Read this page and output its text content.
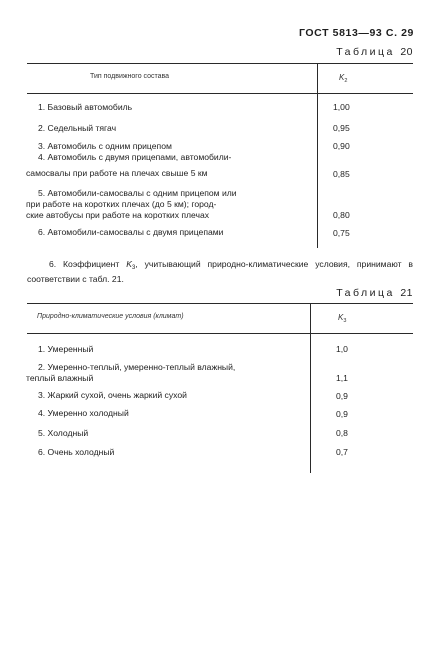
ГОСТ 5813—93 С. 29
Таблица 20
Тип подвижного состава	$K_2$
1. Базовый автомобиль	1,00
2. Седельный тягач	0,95
3. Автомобиль с одним прицепом	0,90
4. Автомобиль с двумя прицепами, автомобили-
самосвалы при работе на плечах свыше 5 км	0,85
5. Автомобили-самосвалы с одним прицепом или
при работе на коротких плечах (до 5 км); город-
ские автобусы при работе на коротких плечах	0,80
6. Автомобили-самосвалы с двумя прицепами	0,75
6. Коэффициент $K_3$, учитывающий природно-климатические условия, принимают в соответствии с табл. 21.
Таблица 21
Природно-климатические условия (климат)	$K_3$
1. Умеренный	1,0
2. Умеренно-теплый, умеренно-теплый влажный,
теплый влажный	1,1
3. Жаркий сухой, очень жаркий сухой	0,9
4. Умеренно холодный	0,9
5. Холодный	0,8
6. Очень холодный	0,7
